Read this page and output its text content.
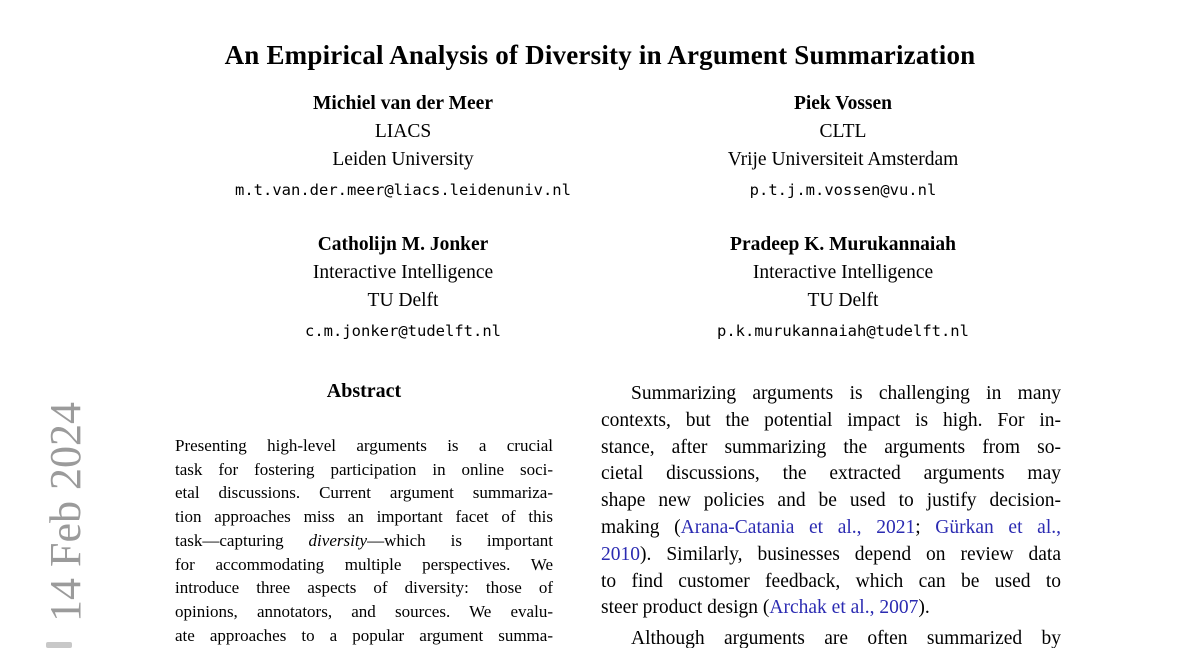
14 Feb 2024
An Empirical Analysis of Diversity in Argument Summarization
Michiel van der Meer
LIACS
Leiden University
m.t.van.der.meer@liacs.leidenuniv.nl
Piek Vossen
CLTL
Vrije Universiteit Amsterdam
p.t.j.m.vossen@vu.nl
Catholijn M. Jonker
Interactive Intelligence
TU Delft
c.m.jonker@tudelft.nl
Pradeep K. Murukannaiah
Interactive Intelligence
TU Delft
p.k.murukannaiah@tudelft.nl
Abstract
Presenting high-level arguments is a crucial
task for fostering participation in online soci-
etal discussions. Current argument summariza-
tion approaches miss an important facet of this
task—capturing diversity—which is important
for accommodating multiple perspectives. We
introduce three aspects of diversity: those of
opinions, annotators, and sources. We evalu-
ate approaches to a popular argument summa-
Summarizing arguments is challenging in many
contexts, but the potential impact is high. For in-
stance, after summarizing the arguments from so-
cietal discussions, the extracted arguments may
shape new policies and be used to justify decision-
making (Arana-Catania et al., 2021; Gürkan et al.,
2010). Similarly, businesses depend on review data
to find customer feedback, which can be used to
steer product design (Archak et al., 2007).
Although arguments are often summarized by
